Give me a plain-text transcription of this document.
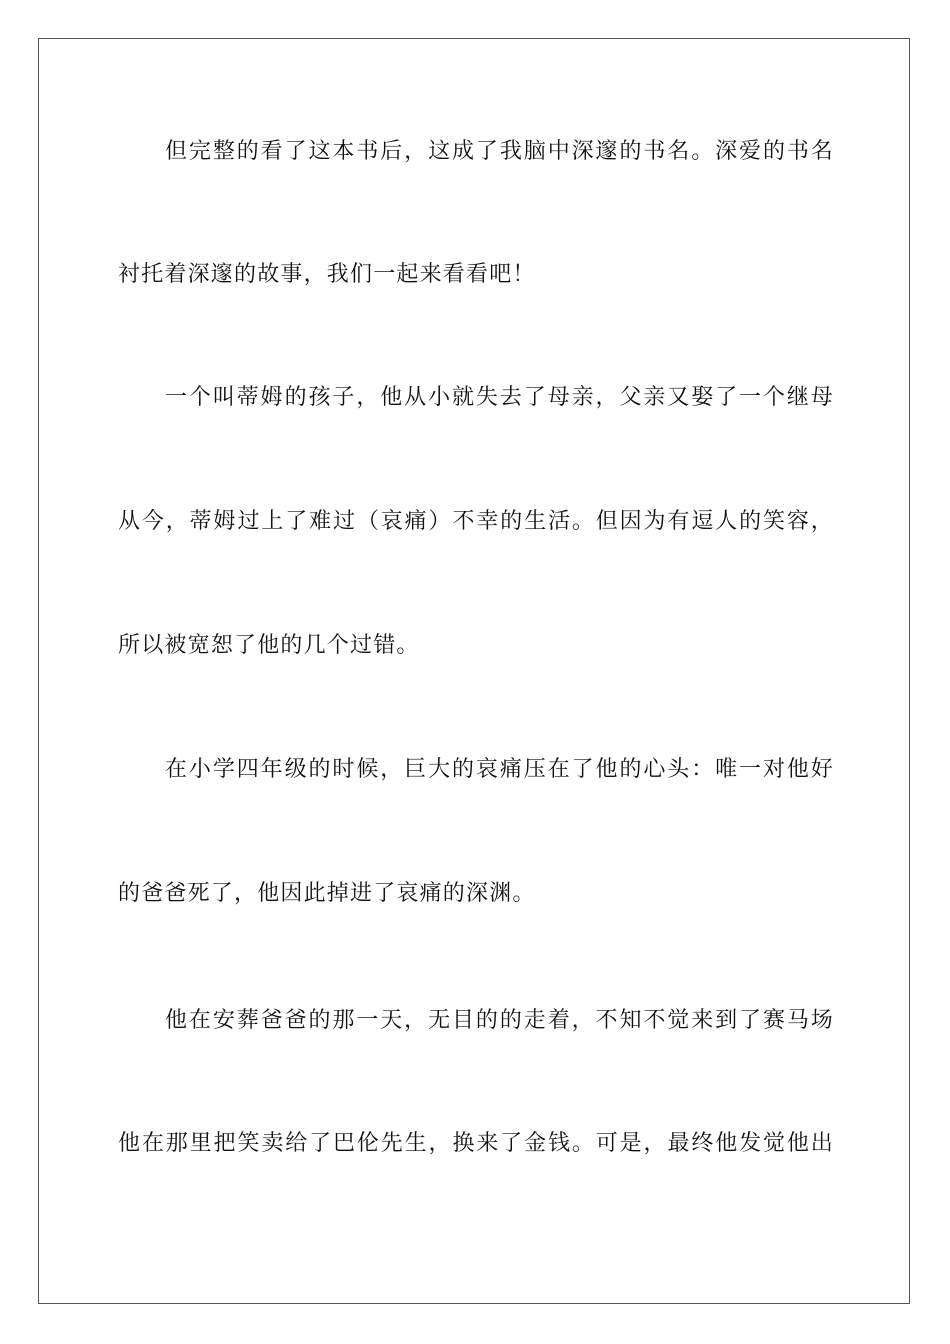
但完整的看了这本书后，这成了我脑中深邃的书名。深爱的书名
衬托着深邃的故事，我们一起来看看吧！
一个叫蒂姆的孩子，他从小就失去了母亲，父亲又娶了一个继母
从今，蒂姆过上了难过（哀痛）不幸的生活。但因为有逗人的笑容，
所以被宽恕了他的几个过错。
在小学四年级的时候，巨大的哀痛压在了他的心头：唯一对他好
的爸爸死了，他因此掉进了哀痛的深渊。
他在安葬爸爸的那一天，无目的的走着，不知不觉来到了赛马场
他在那里把笑卖给了巴伦先生，换来了金钱。可是，最终他发觉他出
